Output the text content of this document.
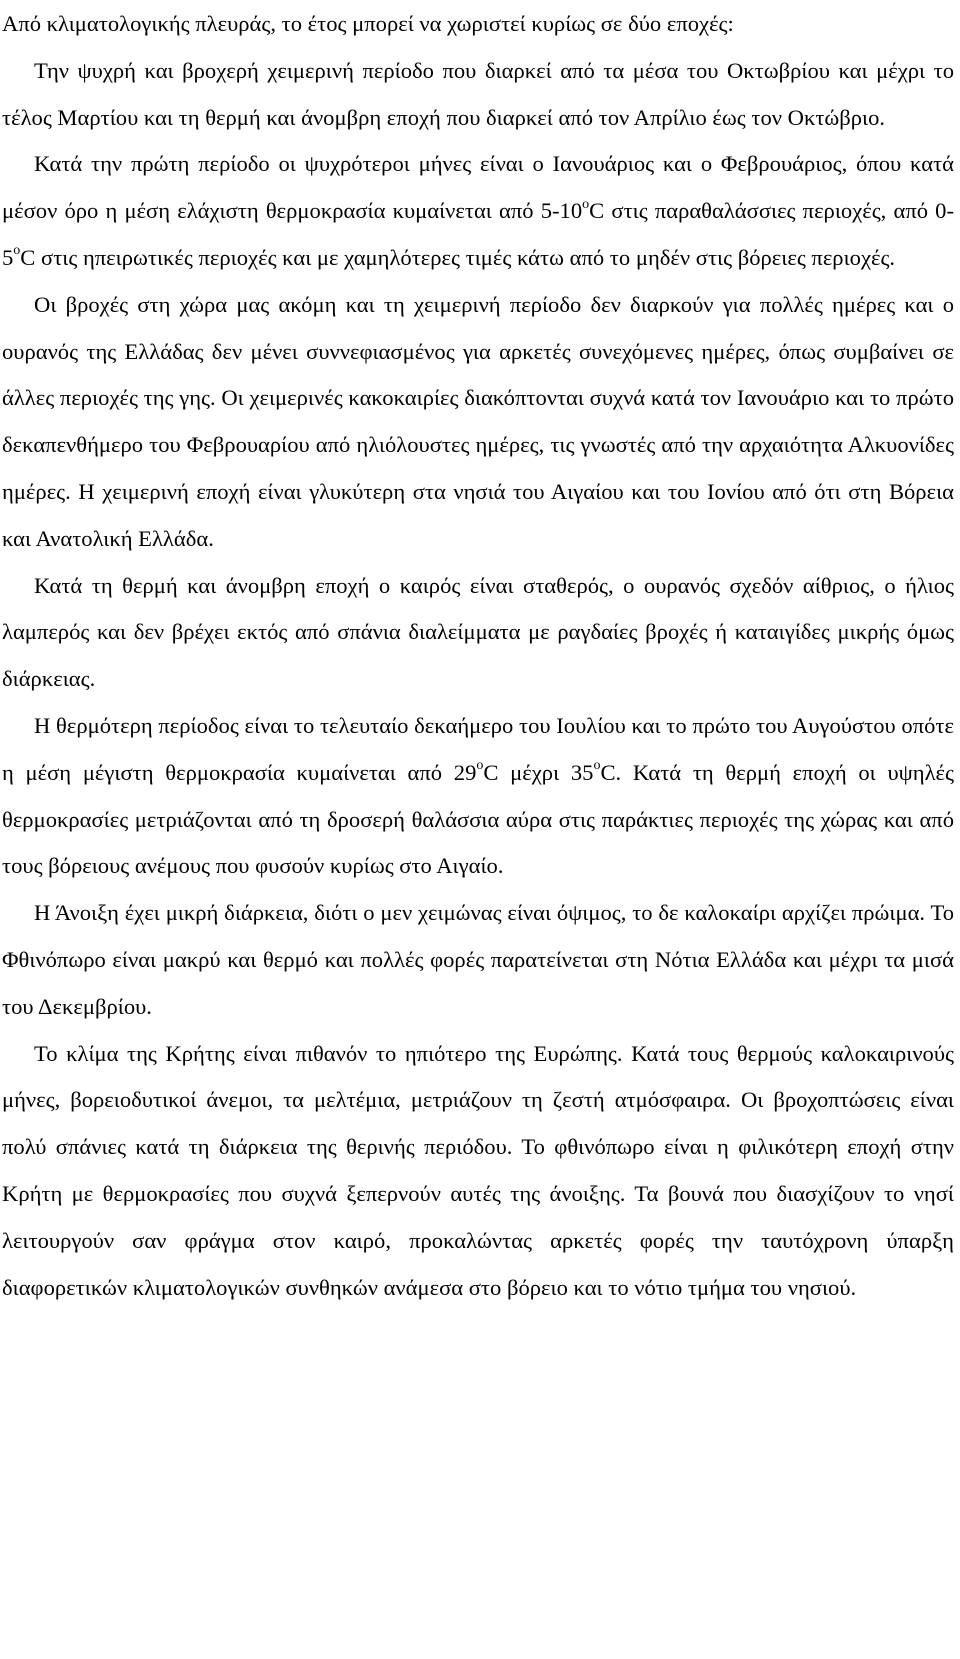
Από κλιματολογικής πλευράς, το έτος μπορεί να χωριστεί κυρίως σε δύο εποχές:

Την ψυχρή και βροχερή χειμερινή περίοδο που διαρκεί από τα μέσα του Οκτωβρίου και μέχρι το τέλος Μαρτίου και τη θερμή και άνομβρη εποχή που διαρκεί από τον Απρίλιο έως τον Οκτώβριο.

Κατά την πρώτη περίοδο οι ψυχρότεροι μήνες είναι ο Ιανουάριος και ο Φεβρουάριος, όπου κατά μέσον όρο η μέση ελάχιστη θερμοκρασία κυμαίνεται από $5-10^oC$ στις παραθαλάσσιες περιοχές, από $0-5^oC$ στις ηπειρωτικές περιοχές και με χαμηλότερες τιμές κάτω από το μηδέν στις βόρειες περιοχές.

Οι βροχές στη χώρα μας ακόμη και τη χειμερινή περίοδο δεν διαρκούν για πολλές ημέρες και ο ουρανός της Ελλάδας δεν μένει συννεφιασμένος για αρκετές συνεχόμενες ημέρες, όπως συμβαίνει σε άλλες περιοχές της γης. Οι χειμερινές κακοκαιρίες διακόπτονται συχνά κατά τον Ιανουάριο και το πρώτο δεκαπενθήμερο του Φεβρουαρίου από ηλιόλουστες ημέρες, τις γνωστές από την αρχαιότητα Αλκυονίδες ημέρες. Η χειμερινή εποχή είναι γλυκύτερη στα νησιά του Αιγαίου και του Ιονίου από ότι στη Βόρεια και Ανατολική Ελλάδα.

Κατά τη θερμή και άνομβρη εποχή ο καιρός είναι σταθερός, ο ουρανός σχεδόν αίθριος, ο ήλιος λαμπερός και δεν βρέχει εκτός από σπάνια διαλείμματα με ραγδαίες βροχές ή καταιγίδες μικρής όμως διάρκειας.

Η θερμότερη περίοδος είναι το τελευταίο δεκαήμερο του Ιουλίου και το πρώτο του Αυγούστου οπότε η μέση μέγιστη θερμοκρασία κυμαίνεται από $29^oC$ μέχρι $35^oC$. Κατά τη θερμή εποχή οι υψηλές θερμοκρασίες μετριάζονται από τη δροσερή θαλάσσια αύρα στις παράκτιες περιοχές της χώρας και από τους βόρειους ανέμους που φυσούν κυρίως στο Αιγαίο.

Η Άνοιξη έχει μικρή διάρκεια, διότι ο μεν χειμώνας είναι όψιμος, το δε καλοκαίρι αρχίζει πρώιμα. Το Φθινόπωρο είναι μακρύ και θερμό και πολλές φορές παρατείνεται στη Νότια Ελλάδα και μέχρι τα μισά του Δεκεμβρίου.

Το κλίμα της Κρήτης είναι πιθανόν το ηπιότερο της Ευρώπης. Κατά τους θερμούς καλοκαιρινούς μήνες, βορειοδυτικοί άνεμοι, τα μελτέμια, μετριάζουν τη ζεστή ατμόσφαιρα. Οι βροχοπτώσεις είναι πολύ σπάνιες κατά τη διάρκεια της θερινής περιόδου. Το φθινόπωρο είναι η φιλικότερη εποχή στην Κρήτη με θερμοκρασίες που συχνά ξεπερνούν αυτές της άνοιξης. Τα βουνά που διασχίζουν το νησί λειτουργούν σαν φράγμα στον καιρό, προκαλώντας αρκετές φορές την ταυτόχρονη ύπαρξη διαφορετικών κλιματολογικών συνθηκών ανάμεσα στο βόρειο και το νότιο τμήμα του νησιού.
